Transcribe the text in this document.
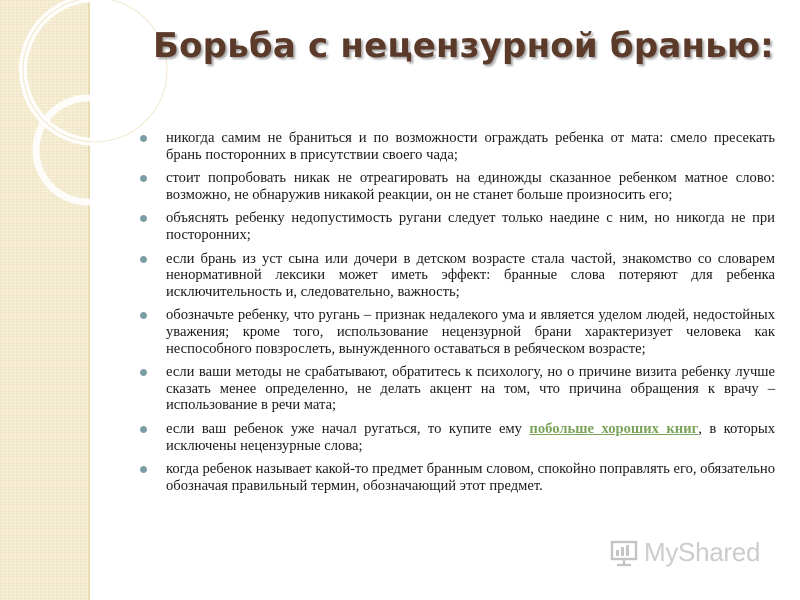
Борьба с нецензурной бранью:
никогда самим не браниться и по возможности ограждать ребенка от мата: смело пресекать брань посторонних в присутствии своего чада;
стоит попробовать никак не отреагировать на единожды сказанное ребенком матное слово: возможно, не обнаружив никакой реакции, он не станет больше произносить его;
объяснять ребенку недопустимость ругани следует только наедине с ним, но никогда не при посторонних;
если брань из уст сына или дочери в детском возрасте стала частой, знакомство со словарем ненормативной лексики может иметь эффект: бранные слова потеряют для ребенка исключительность и, следовательно, важность;
обозначьте ребенку, что ругань – признак недалекого ума и является уделом людей, недостойных уважения; кроме того, использование нецензурной брани характеризует человека как неспособного повзрослеть, вынужденного оставаться в ребяческом возрасте;
если ваши методы не срабатывают, обратитесь к психологу, но о причине визита ребенку лучше сказать менее определенно, не делать акцент на том, что причина обращения к врачу – использование в речи мата;
если ваш ребенок уже начал ругаться, то купите ему побольше хороших книг, в которых исключены нецензурные слова;
когда ребенок называет какой-то предмет бранным словом, спокойно поправлять его, обязательно обозначая правильный термин, обозначающий этот предмет.
MyShared
